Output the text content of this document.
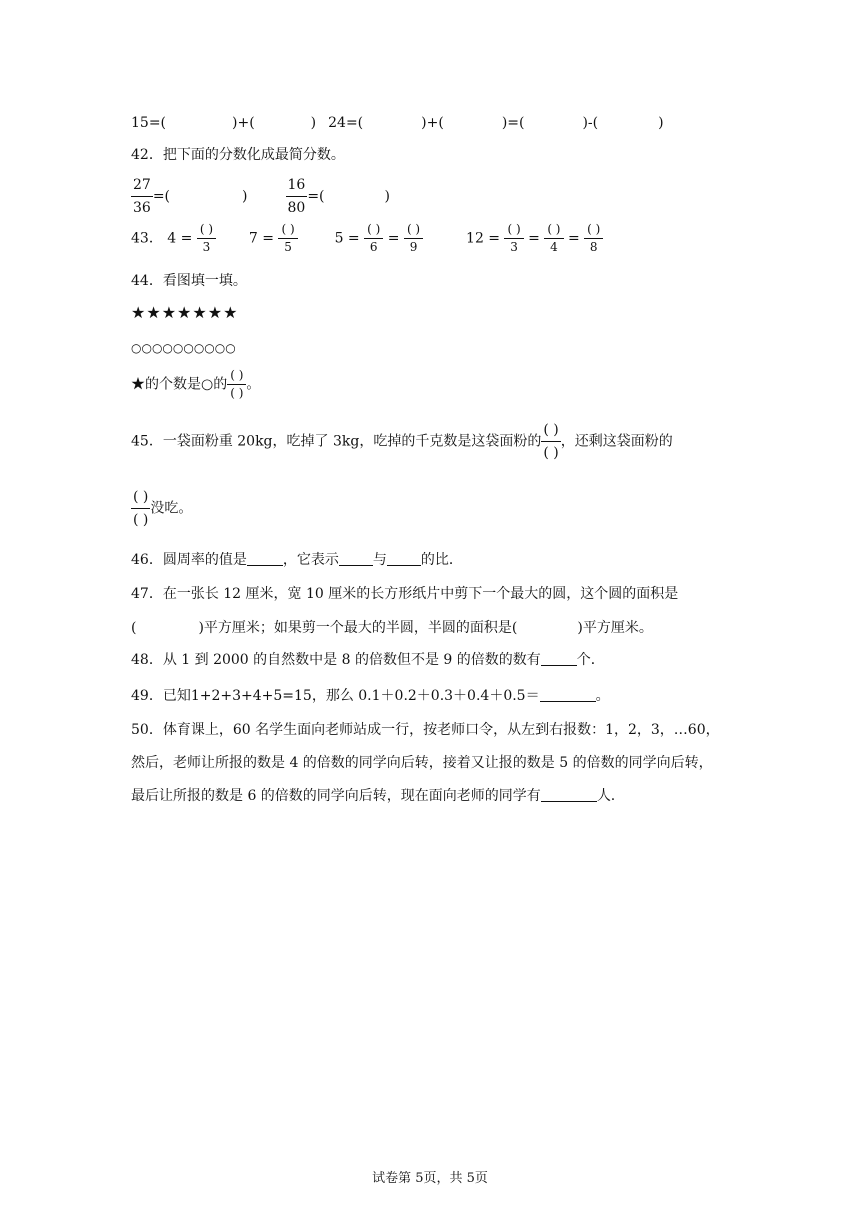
15=(	)+(	) 24=(	)+(	)=(	)-(	)
42．把下面的分数化成最简分数。
$\frac{27}{36}$ =(	)	$\frac{16}{80}$ =(	)
43． $4 = \frac{( )}{3} 7 = \frac{( )}{5}$	$5 = \frac{( )}{6} = \frac{( )}{9}$	$12 = \frac{( )}{3} = \frac{( )}{4} = \frac{( )}{8}$
44．看图填一填。
★★★★★★★
○○○○○○○○○○
★的个数是○的 $\frac{( )}{( )}$ 。
45．一袋面粉重 20kg，吃掉了 3kg，吃掉的千克数是这袋面粉的 $\frac{( )}{( )}$ ，还剩这袋面粉的
$\frac{( )}{( )}$ 没吃。
46．圆周率的值是	，它表示 与 的比．
47．在一张长 12 厘米，宽 10 厘米的长方形纸片中剪下一个最大的圆，这个圆的面积是
(	)平方厘米；如果剪一个最大的半圆，半圆的面积是(	)平方厘米。
48．从 1 到 2000 的自然数中是 8 的倍数但不是 9 的倍数的数有	个．
49．已知1+2+3+4+5=15，那么 0.1＋0.2＋0.3＋0.4＋0.5＝	。
50．体育课上，60 名学生面向老师站成一行，按老师口令，从左到右报数：1，2，3，…60，
然后，老师让所报的数是 4 的倍数的同学向后转，接着又让报的数是 5 的倍数的同学向后转，
最后让所报的数是 6 的倍数的同学向后转，现在面向老师的同学有	人.
试卷第 5页，共 5页
